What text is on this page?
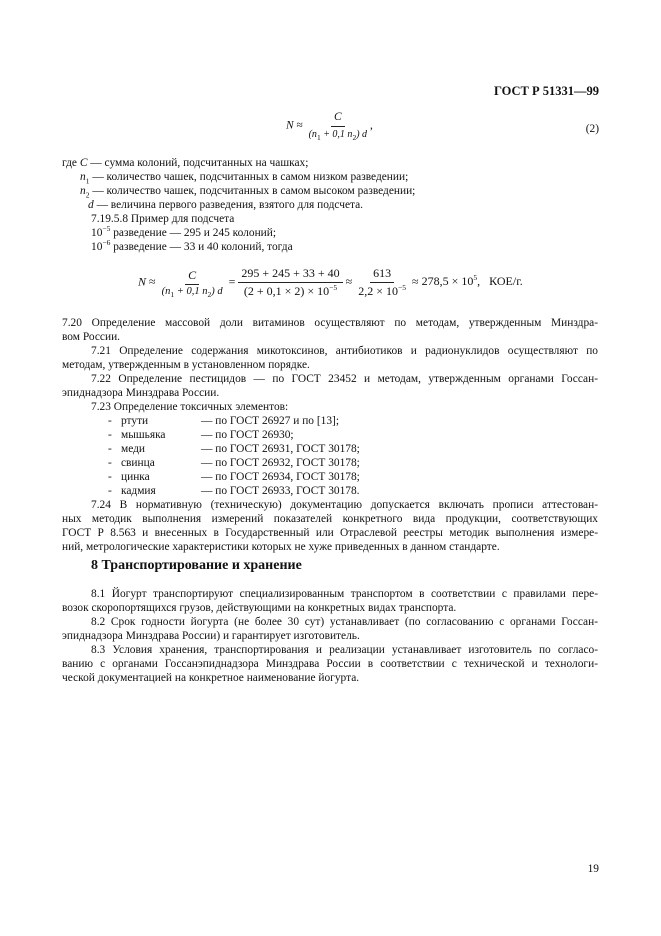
ГОСТ Р 51331—99
$N \approx \frac{C}{(n_1 + 0,1 n_2) d}$ ,	(2)
где C — сумма колоний, подсчитанных на чашках;
$n_1$ — количество чашек, подсчитанных в самом низком разведении;
$n_2$ — количество чашек, подсчитанных в самом высоком разведении;
d — величина первого разведения, взятого для подсчета.
7.19.5.8 Пример для подсчета
$10^{-5}$ разведение — 295 и 245 колоний;
$10^{-6}$ разведение — 33 и 40 колоний, тогда
$N \approx \frac{C}{(n_1 + 0,1 n_2) d} = \frac{295 + 245 + 33 + 40}{(2 + 0,1 \times 2) \times 10^{-5}} \approx \frac{613}{2,2 \times 10^{-5}} \approx 278,5 \times 10^5$, КОЕ/г.
7.20 Определение массовой доли витаминов осуществляют по методам, утвержденным Минздра-
вом России.
7.21 Определение содержания микотоксинов, антибиотиков и радионуклидов осуществляют по
методам, утвержденным в установленном порядке.
7.22 Определение пестицидов — по ГОСТ 23452 и методам, утвержденным органами Госсан-
эпиднадзора Минздрава России.
7.23 Определение токсичных элементов:
- ртути	— по ГОСТ 26927 и по [13];
- мышьяка	— по ГОСТ 26930;
- меди	— по ГОСТ 26931, ГОСТ 30178;
- свинца	— по ГОСТ 26932, ГОСТ 30178;
- цинка	— по ГОСТ 26934, ГОСТ 30178;
- кадмия	— по ГОСТ 26933, ГОСТ 30178.
7.24 В нормативную (техническую) документацию допускается включать прописи аттестован-
ных методик выполнения измерений показателей конкретного вида продукции, соответствующих
ГОСТ Р 8.563 и внесенных в Государственный или Отраслевой реестры методик выполнения измере-
ний, метрологические характеристики которых не хуже приведенных в данном стандарте.
8 Транспортирование и хранение
8.1 Йогурт транспортируют специализированным транспортом в соответствии с правилами пере-
возок скоропортящихся грузов, действующими на конкретных видах транспорта.
8.2 Срок годности йогурта (не более 30 сут) устанавливает (по согласованию с органами Госсан-
эпиднадзора Минздрава России) и гарантирует изготовитель.
8.3 Условия хранения, транспортирования и реализации устанавливает изготовитель по согласо-
ванию с органами Госсанэпиднадзора Минздрава России в соответствии с технической и технологи-
ческой документацией на конкретное наименование йогурта.
19
